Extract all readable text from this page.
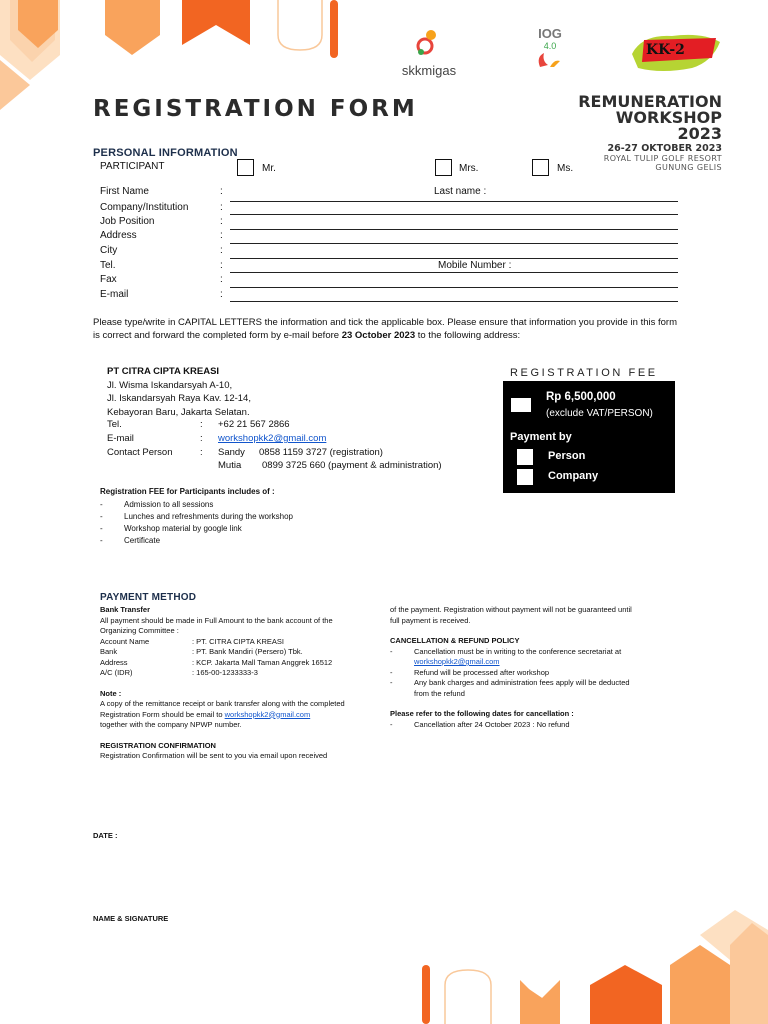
skkmigas
IOG
4.0	KK-2
REGISTRATION FORM	REMUNERATION
WORKSHOP
2023
26-27 OKTOBER 2023
ROYAL TULIP GOLF RESORT
GUNUNG GELIS
PERSONAL INFORMATION
PARTICIPANT	Mr.	Mrs.	Ms.
First Name	:	Last name :
Company/Institution	:
Job Position	:
Address	:
City	:
Tel.	:	Mobile Number :
Fax	:
E-mail	:
Please type/write in CAPITAL LETTERS the information and tick the applicable box. Please ensure that information you provide in this form is correct and forward the completed form by e-mail before 23 October 2023 to the following address:
PT CITRA CIPTA KREASI
Jl. Wisma Iskandarsyah A-10,
Jl. Iskandarsyah Raya Kav. 12-14,
Kebayoran Baru, Jakarta Selatan.
Tel.	: +62 21 567 2866
E-mail	: workshopkk2@gmail.com
Contact Person	: Sandy 0858 1159 3727 (registration)
Mutia 0899 3725 660 (payment & administration)
REGISTRATION FEE
Rp 6,500,000
(exclude VAT/PERSON)
Payment by
Person
Company
Registration FEE for Participants includes of :
-	Admission to all sessions
-	Lunches and refreshments during the workshop
-	Workshop material by google link
-	Certificate
PAYMENT METHOD
Bank Transfer
All payment should be made in Full Amount to the bank account of the
Organizing Committee :
Account Name	: PT. CITRA CIPTA KREASI
Bank	: PT. Bank Mandiri (Persero) Tbk.
Address	: KCP. Jakarta Mall Taman Anggrek 16512
A/C (IDR)	: 165-00-1233333-3
Note :
A copy of the remittance receipt or bank transfer along with the completed
Registration Form should be email to workshopkk2@gmail.com
together with the company NPWP number.
REGISTRATION CONFIRMATION
Registration Confirmation will be sent to you via email upon received
of the payment. Registration without payment will not be guaranteed until
full payment is received.
CANCELLATION & REFUND POLICY
-	Cancellation must be in writing to the conference secretariat at
workshopkk2@gmail.com
-	Refund will be processed after workshop
-	Any bank charges and administration fees apply will be deducted
from the refund
Please refer to the following dates for cancellation :
-	Cancellation after 24 October 2023 : No refund
DATE :
NAME & SIGNATURE
